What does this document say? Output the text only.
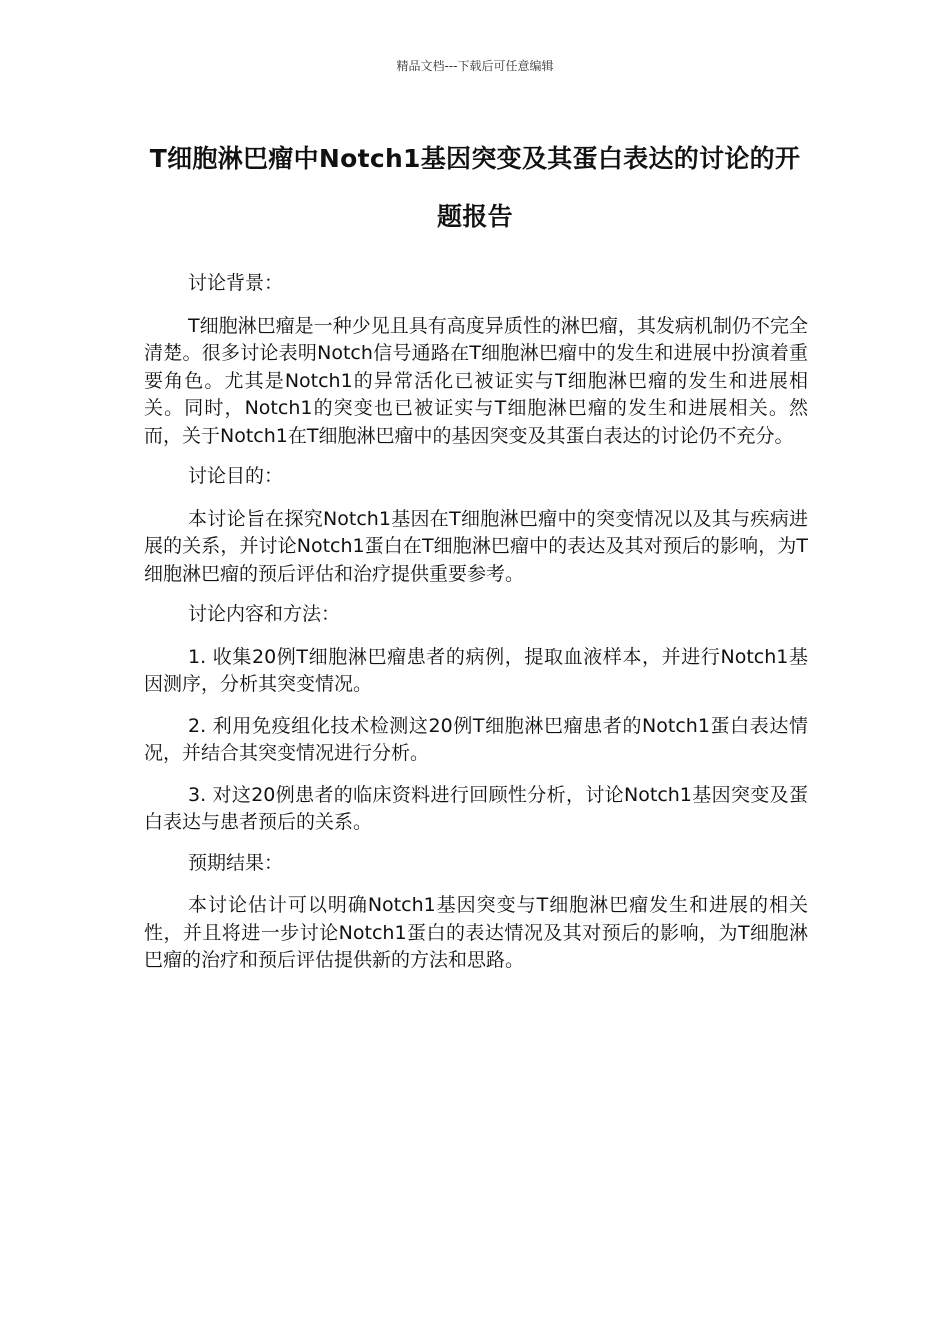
精品文档---下载后可任意编辑
T细胞淋巴瘤中Notch1基因突变及其蛋白表达的讨论的开题报告

讨论背景：

T细胞淋巴瘤是一种少见且具有高度异质性的淋巴瘤，其发病机制仍不完全清楚。很多讨论表明Notch信号通路在T细胞淋巴瘤中的发生和进展中扮演着重要角色。尤其是Notch1的异常活化已被证实与T细胞淋巴瘤的发生和进展相关。同时，Notch1的突变也已被证实与T细胞淋巴瘤的发生和进展相关。然而，关于Notch1在T细胞淋巴瘤中的基因突变及其蛋白表达的讨论仍不充分。

讨论目的：

本讨论旨在探究Notch1基因在T细胞淋巴瘤中的突变情况以及其与疾病进展的关系，并讨论Notch1蛋白在T细胞淋巴瘤中的表达及其对预后的影响，为T细胞淋巴瘤的预后评估和治疗提供重要参考。

讨论内容和方法：

1. 收集20例T细胞淋巴瘤患者的病例，提取血液样本，并进行Notch1基因测序，分析其突变情况。

2. 利用免疫组化技术检测这20例T细胞淋巴瘤患者的Notch1蛋白表达情况，并结合其突变情况进行分析。

3. 对这20例患者的临床资料进行回顾性分析，讨论Notch1基因突变及蛋白表达与患者预后的关系。

预期结果：

本讨论估计可以明确Notch1基因突变与T细胞淋巴瘤发生和进展的相关性，并且将进一步讨论Notch1蛋白的表达情况及其对预后的影响，为T细胞淋巴瘤的治疗和预后评估提供新的方法和思路。
